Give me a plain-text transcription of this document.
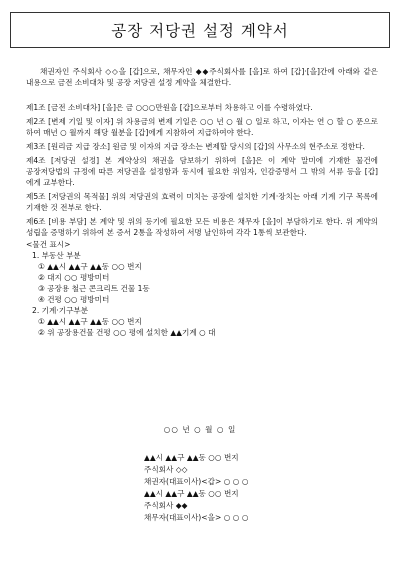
공장 저당권 설정 계약서

채권자인 주식회사 ◇◇을 [갑]으로, 채무자인 ◆◆주식회사를 [을]로 하여 [갑]·[을]간에 아래와 같은 내용으로 금전 소비대차 및 공장 저당권 설정 계약을 체결한다.

제1조 [금전 소비대차] [을]은 금 ○○○만원을 [갑]으로부터 차용하고 이를 수령하였다.

제2조 [변제 기일 및 이자] 위 차용금의 변제 기일은 ○○ 년 ○ 월 ○ 일로 하고, 이자는 연 ○ 할 ○ 푼으로 하여 매년 ○ 월까지 해당 월분을 [갑]에게 지참하여 지급하여야 한다.

제3조 [원리금 지급 장소] 원금 및 이자의 지급 장소는 변제할 당시의 [갑]의 사무소의 현주소로 정한다.

제4조 [저당권 설정] 본 계약상의 채권을 담보하기 위하여 [을]은 이 계약 말미에 기재한 물건에 공장저당법의 규정에 따른 저당권을 설정함과 동시에 필요한 위임자, 인감증명서 그 밖의 서류 등을 [갑]에게 교부한다.

제5조 [저당권의 목적물] 위의 저당권의 효력이 미치는 공장에 설치한 기계·장치는 아래 기계 기구 목록에 기재한 것 전부로 한다.

제6조 [비용 부담] 본 계약 및 위의 등기에 필요한 모든 비용은 채무자 [을]이 부담하기로 한다. 위 계약의 성립을 증명하기 위하여 본 증서 2통을 작성하여 서명 날인하여 각각 1통씩 보관한다.

<물건 표시>

1. 부동산 부분
① ▲▲시 ▲▲구 ▲▲동 ○○ 번지
② 대지 ○○ 평방미터
③ 공장용 철근 콘크리트 건물 1동
④ 건평 ○○ 평방미터
2. 기계·기구부분
① ▲▲시 ▲▲구 ▲▲동 ○○ 번지
② 위 공장용건물 건평 ○○ 평에 설치한 ▲▲기계 ○ 대
○○ 년 ○ 월 ○ 일
▲▲시 ▲▲구 ▲▲동 ○○ 번지
주식회사 ◇◇
채권자(대표이사)<갑> ○ ○ ○
▲▲시 ▲▲구 ▲▲동 ○○ 번지
주식회사 ◆◆
채무자(대표이사)<을> ○ ○ ○
